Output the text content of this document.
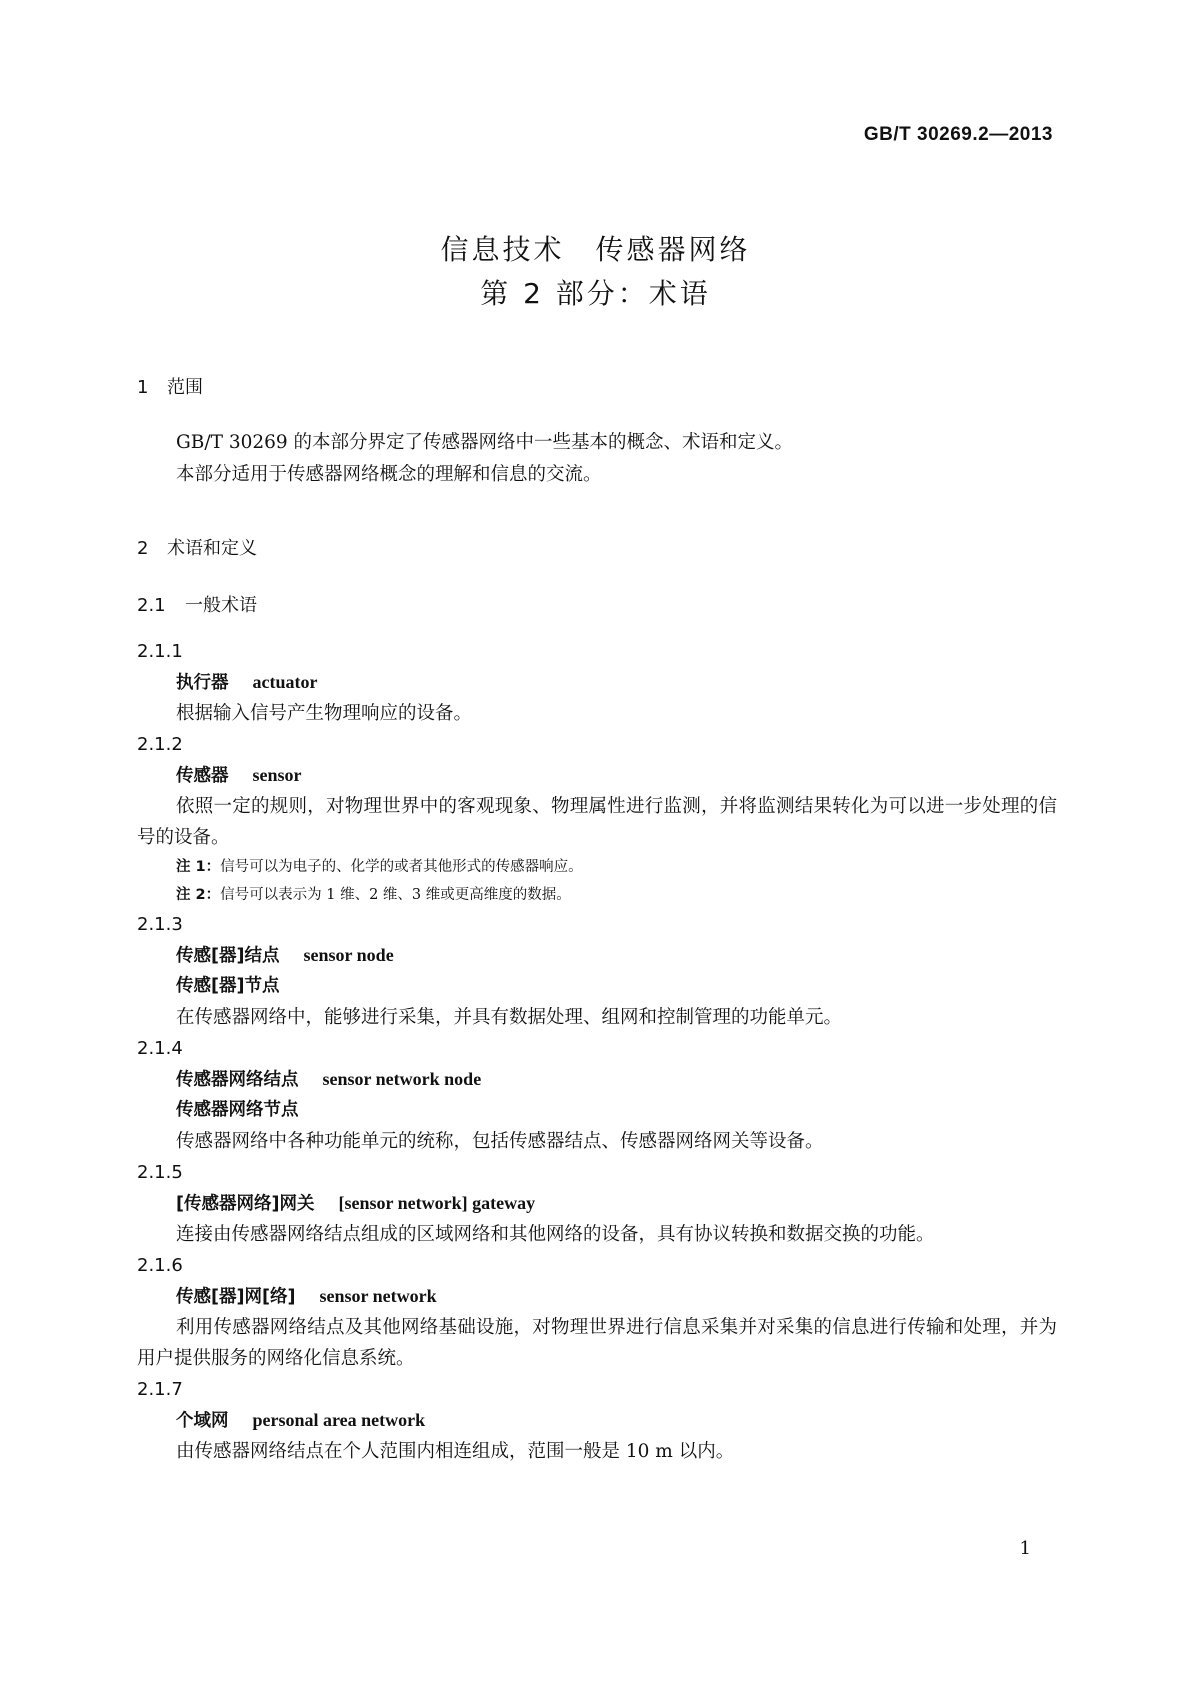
GB/T 30269.2—2013
信息技术　传感器网络
第 2 部分：术语
1 范围
GB/T 30269 的本部分界定了传感器网络中一些基本的概念、术语和定义。
本部分适用于传感器网络概念的理解和信息的交流。
2 术语和定义
2.1 一般术语
2.1.1
执行器 actuator
根据输入信号产生物理响应的设备。
2.1.2
传感器 sensor
依照一定的规则，对物理世界中的客观现象、物理属性进行监测，并将监测结果转化为可以进一步处理的信号的设备。
注 1：信号可以为电子的、化学的或者其他形式的传感器响应。
注 2：信号可以表示为 1 维、2 维、3 维或更高维度的数据。
2.1.3
传感[器]结点 sensor node
传感[器]节点
在传感器网络中，能够进行采集，并具有数据处理、组网和控制管理的功能单元。
2.1.4
传感器网络结点 sensor network node
传感器网络节点
传感器网络中各种功能单元的统称，包括传感器结点、传感器网络网关等设备。
2.1.5
[传感器网络]网关 [sensor network] gateway
连接由传感器网络结点组成的区域网络和其他网络的设备，具有协议转换和数据交换的功能。
2.1.6
传感[器]网[络] sensor network
利用传感器网络结点及其他网络基础设施，对物理世界进行信息采集并对采集的信息进行传输和处理，并为用户提供服务的网络化信息系统。
2.1.7
个域网 personal area network
由传感器网络结点在个人范围内相连组成，范围一般是 10 m 以内。
1
